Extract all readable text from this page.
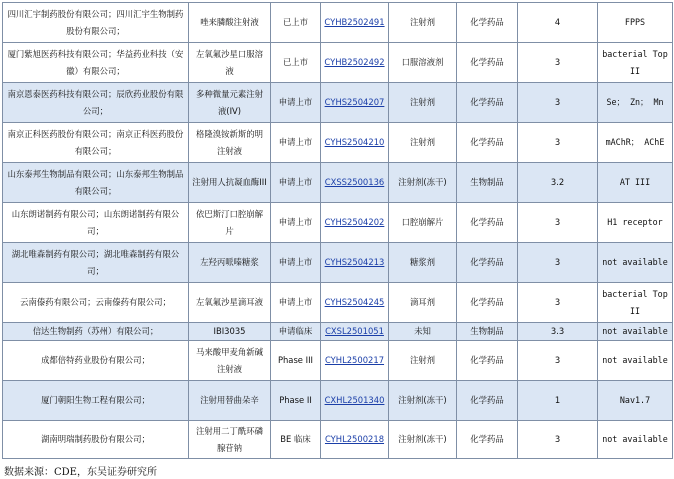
四川汇宇制药股份有限公司；四川汇宇生物制药股份有限公司；	唑来膦酸注射液	已上市	CYHB2502491	注射剂	化学药品	4	FPPS
厦门紫旭医药科技有限公司；华益药业科技（安徽）有限公司；	左氧氟沙星口服溶液	已上市	CYHB2502492	口服溶液剂	化学药品	3	bacterial Top II
南京恩泰医药科技有限公司；辰欣药业股份有限公司；	多种微量元素注射液(IV)	申请上市	CYHS2504207	注射剂	化学药品	3	Se； Zn； Mn
南京正科医药股份有限公司；南京正科医药股份有限公司；	格隆溴铵新斯的明注射液	申请上市	CYHS2504210	注射剂	化学药品	3	mAChR； AChE
山东泰邦生物制品有限公司；山东泰邦生物制品有限公司；	注射用人抗凝血酶III	申请上市	CXSS2500136	注射剂(冻干)	生物制品	3.2	AT III
山东朗诺制药有限公司；山东朗诺制药有限公司；	依巴斯汀口腔崩解片	申请上市	CYHS2504202	口腔崩解片	化学药品	3	H1 receptor
湖北唯森制药有限公司；湖北唯森制药有限公司；	左羟丙哌嗪糖浆	申请上市	CYHS2504213	糖浆剂	化学药品	3	not available
云南傣药有限公司；云南傣药有限公司；	左氧氟沙星滴耳液	申请上市	CYHS2504245	滴耳剂	化学药品	3	bacterial Top II
信达生物制药（苏州）有限公司；	IBI3035	申请临床	CXSL2501051	未知	生物制品	3.3	not available
成都倍特药业股份有限公司；	马来酸甲麦角新碱注射液	Phase III	CYHL2500217	注射剂	化学药品	3	not available
厦门朝阳生物工程有限公司；	注射用替曲朵辛	Phase II	CXHL2501340	注射剂(冻干)	化学药品	1	Nav1.7
湖南明瑞制药股份有限公司；	注射用二丁酰环磷腺苷钠	BE 临床	CYHL2500218	注射剂(冻干)	化学药品	3	not available
数据来源：CDE，东吴证券研究所
